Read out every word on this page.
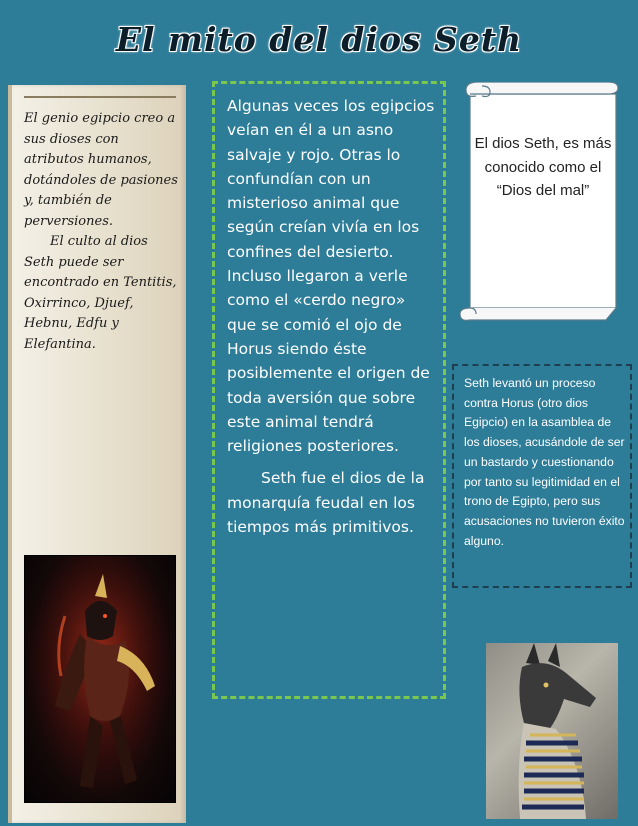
El mito del dios Seth

El genio egipcio creo a sus dioses con atributos humanos, dotándoles de pasiones y, también de perversiones.

El culto al dios Seth puede ser encontrado en Tentitis, Oxirrinco, Djuef, Hebnu, Edfu y Elefantina.

Algunas veces los egipcios veían en él a un asno salvaje y rojo. Otras lo confundían con un misterioso animal que según creían vivía en los confines del desierto. Incluso llegaron a verle como el «cerdo negro» que se comió el ojo de Horus siendo éste posiblemente el origen de toda aversión que sobre este animal tendrá religiones posteriores.

Seth fue el dios de la monarquía feudal en los tiempos más primitivos.

El dios Seth, es más conocido como el “Dios del mal”
Seth levantó un proceso contra Horus (otro dios Egipcio) en la asamblea de los dioses, acusándole de ser un bastardo y cuestionando por tanto su legitimidad en el trono de Egipto, pero sus acusaciones no tuvieron éxito alguno.
